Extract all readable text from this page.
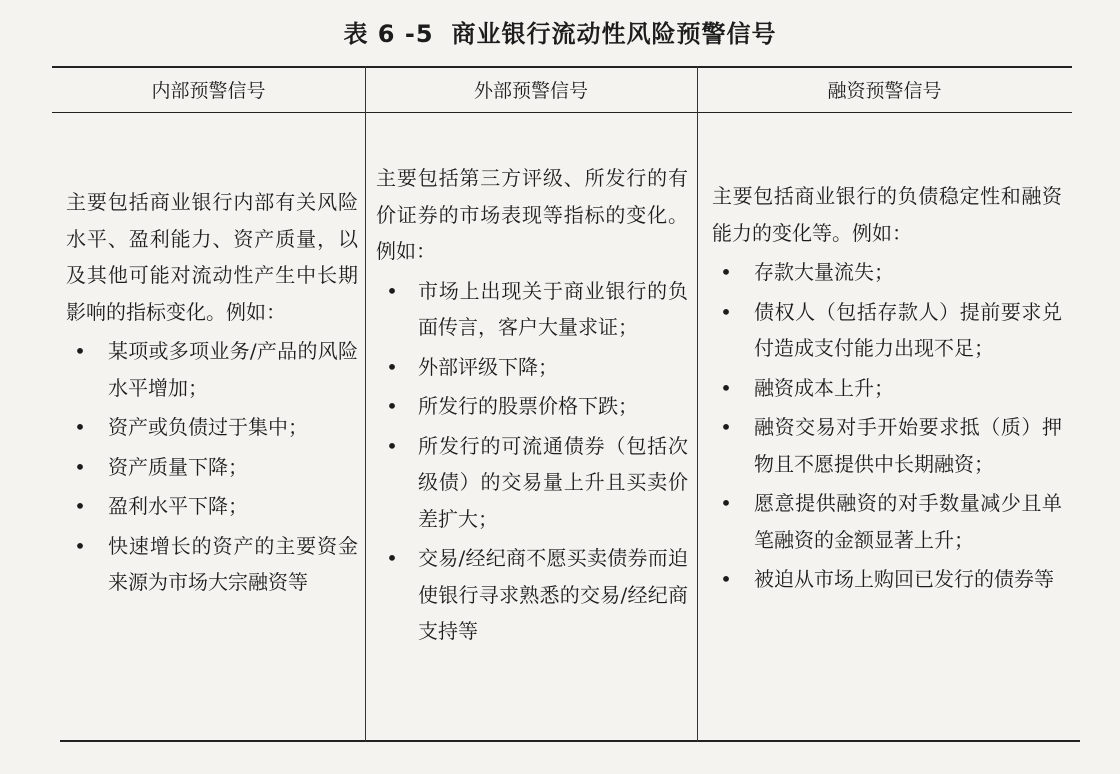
表 6 -5 商业银行流动性风险预警信号
内部预警信号	外部预警信号	融资预警信号

主要包括商业银行内部有关风险水平、盈利能力、资产质量，以及其他可能对流动性产生中长期影响的指标变化。例如：

• 某项或多项业务/产品的风险水平增加；
• 资产或负债过于集中；
• 资产质量下降；
• 盈利水平下降；
• 快速增长的资产的主要资金来源为市场大宗融资等

主要包括第三方评级、所发行的有价证券的市场表现等指标的变化。例如：

• 市场上出现关于商业银行的负面传言，客户大量求证；
• 外部评级下降；
• 所发行的股票价格下跌；
• 所发行的可流通债券（包括次级债）的交易量上升且买卖价差扩大；
• 交易/经纪商不愿买卖债券而迫使银行寻求熟悉的交易/经纪商支持等

主要包括商业银行的负债稳定性和融资能力的变化等。例如：

• 存款大量流失；
• 债权人（包括存款人）提前要求兑付造成支付能力出现不足；
• 融资成本上升；
• 融资交易对手开始要求抵（质）押物且不愿提供中长期融资；
• 愿意提供融资的对手数量减少且单笔融资的金额显著上升；
• 被迫从市场上购回已发行的债券等
